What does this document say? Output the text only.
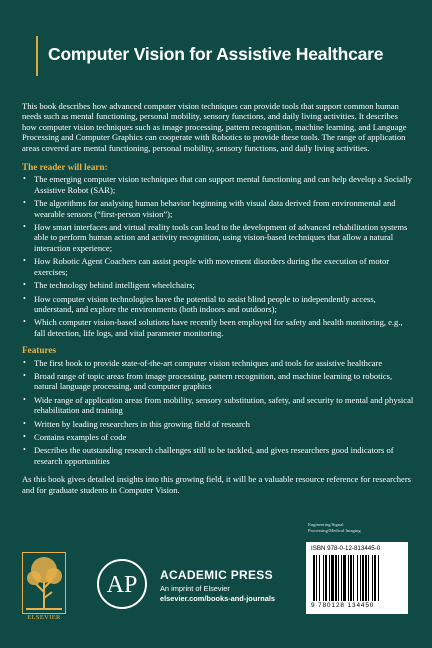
Computer Vision for Assistive Healthcare

This book describes how advanced computer vision techniques can provide tools that support common human needs such as mental functioning, personal mobility, sensory functions, and daily living activities. It describes how computer vision techniques such as image processing, pattern recognition, machine learning, and Language Processing and Computer Graphics can cooperate with Robotics to provide these tools. The range of application areas covered are mental functioning, personal mobility, sensory functions, and daily living activities.

The reader will learn:
• The emerging computer vision techniques that can support mental functioning and can help develop a Socially Assistive Robot (SAR);
• The algorithms for analysing human behavior beginning with visual data derived from environmental and wearable sensors (“first-person vision”);
• How smart interfaces and virtual reality tools can lead to the development of advanced rehabilitation systems able to perform human action and activity recognition, using vision-based techniques that allow a natural interaction experience;
• How Robotic Agent Coachers can assist people with movement disorders during the execution of motor exercises;
• The technology behind intelligent wheelchairs;
• How computer vision technologies have the potential to assist blind people to independently access, understand, and explore the environments (both indoors and outdoors);
• Which computer vision-based solutions have recently been employed for safety and health monitoring, e.g., fall detection, life logs, and vital parameter monitoring.
Features
• The first book to provide state-of-the-art computer vision techniques and tools for assistive healthcare
• Broad range of topic areas from image processing, pattern recognition, and machine learning to robotics, natural language processing, and computer graphics
• Wide range of application areas from mobility, sensory substitution, safety, and security to mental and physical rehabilitation and training
• Written by leading researchers in this growing field of research
• Contains examples of code
• Describes the outstanding research challenges still to be tackled, and gives researchers good indicators of research opportunities

As this book gives detailed insights into this growing field, it will be a valuable resource reference for researchers and for graduate students in Computer Vision.

Engineering/Signal
Processing/Medical Imaging
ISBN 978-0-12-813445-0
9 780128 134450
ELSEVIER
AP ACADEMIC PRESS
An imprint of Elsevier
elsevier.com/books-and-journals
